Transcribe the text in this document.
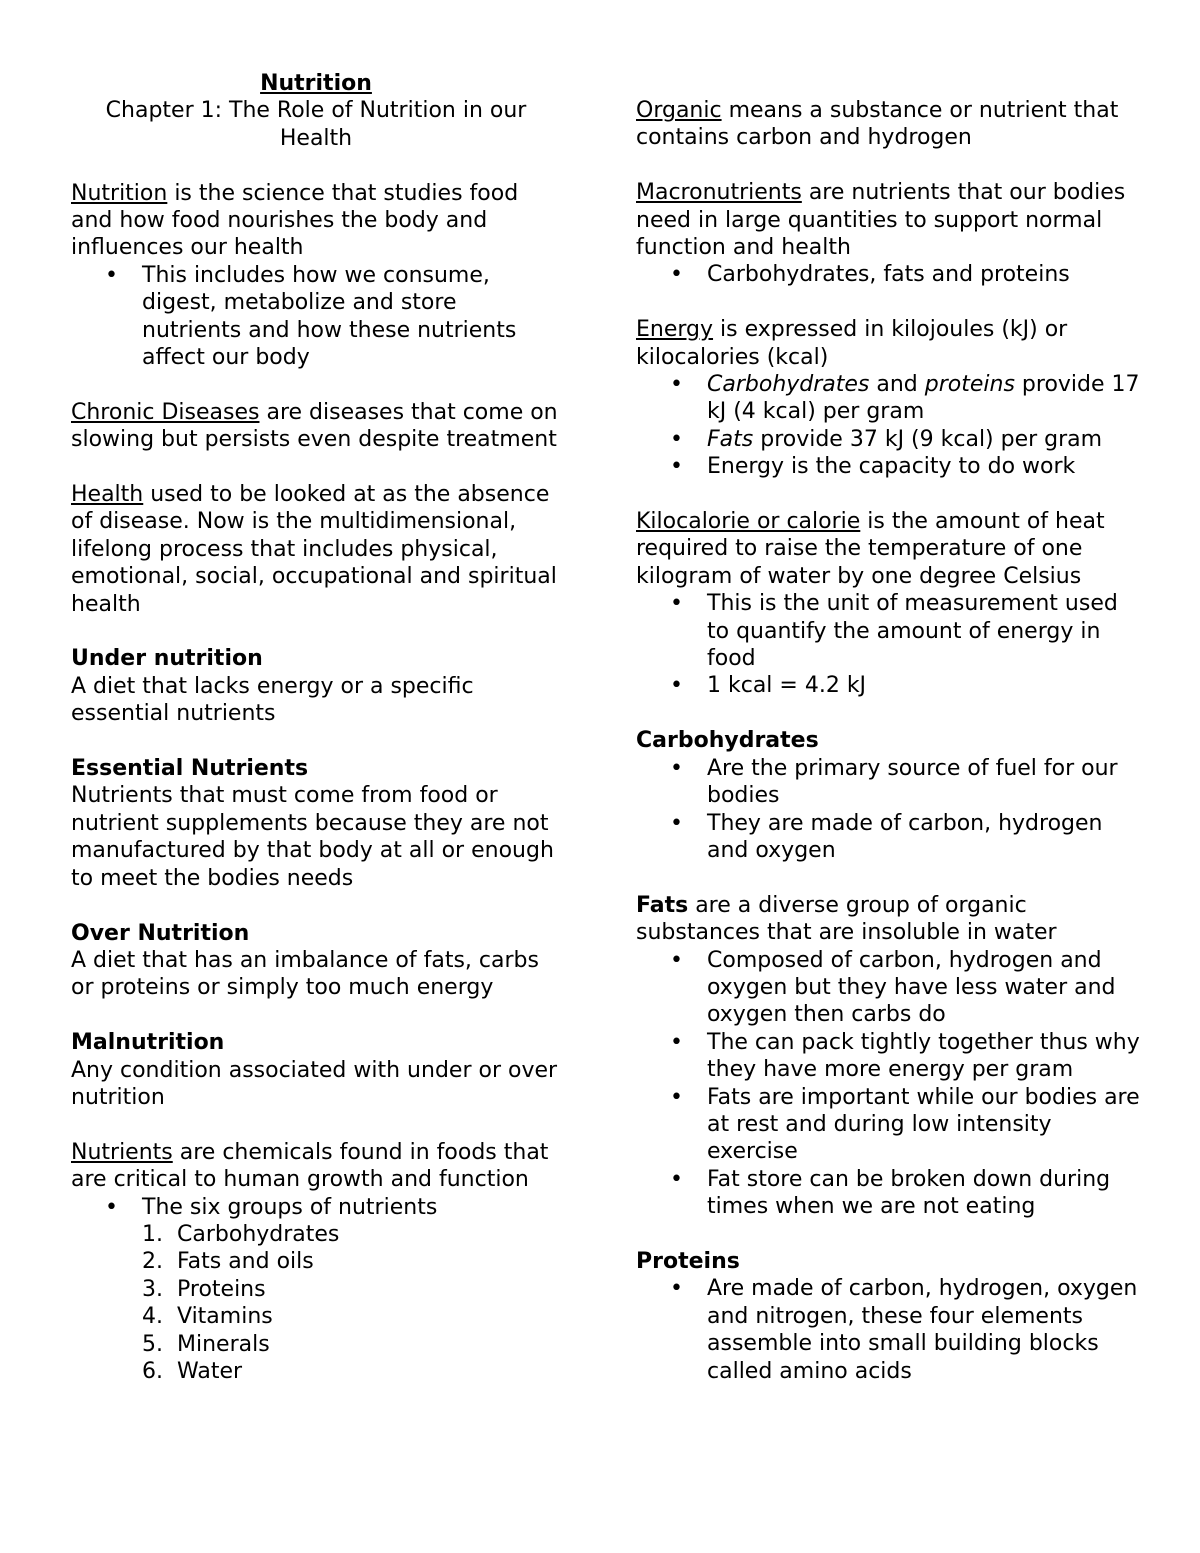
Nutrition

Chapter 1: The Role of Nutrition in our Health

Nutrition is the science that studies food and how food nourishes the body and influences our health

• This includes how we consume, digest, metabolize and store nutrients and how these nutrients affect our body

Chronic Diseases are diseases that come on slowing but persists even despite treatment

Health used to be looked at as the absence of disease. Now is the multidimensional, lifelong process that includes physical, emotional, social, occupational and spiritual health

Under nutrition

A diet that lacks energy or a specific essential nutrients

Essential Nutrients

Nutrients that must come from food or nutrient supplements because they are not manufactured by that body at all or enough to meet the bodies needs

Over Nutrition

A diet that has an imbalance of fats, carbs or proteins or simply too much energy

Malnutrition

Any condition associated with under or over nutrition

Nutrients are chemicals found in foods that are critical to human growth and function

• The six groups of nutrients
1. Carbohydrates
2. Fats and oils
3. Proteins
4. Vitamins
5. Minerals
6. Water

Organic means a substance or nutrient that contains carbon and hydrogen

Macronutrients are nutrients that our bodies need in large quantities to support normal function and health

• Carbohydrates, fats and proteins

Energy is expressed in kilojoules (kJ) or kilocalories (kcal)

• Carbohydrates and proteins provide 17 kJ (4 kcal) per gram
• Fats provide 37 kJ (9 kcal) per gram
• Energy is the capacity to do work

Kilocalorie or calorie is the amount of heat required to raise the temperature of one kilogram of water by one degree Celsius

• This is the unit of measurement used to quantify the amount of energy in food
• 1 kcal = 4.2 kJ

Carbohydrates

• Are the primary source of fuel for our bodies
• They are made of carbon, hydrogen and oxygen

Fats are a diverse group of organic substances that are insoluble in water

• Composed of carbon, hydrogen and oxygen but they have less water and oxygen then carbs do
• The can pack tightly together thus why they have more energy per gram
• Fats are important while our bodies are at rest and during low intensity exercise
• Fat store can be broken down during times when we are not eating

Proteins

• Are made of carbon, hydrogen, oxygen and nitrogen, these four elements assemble into small building blocks called amino acids
